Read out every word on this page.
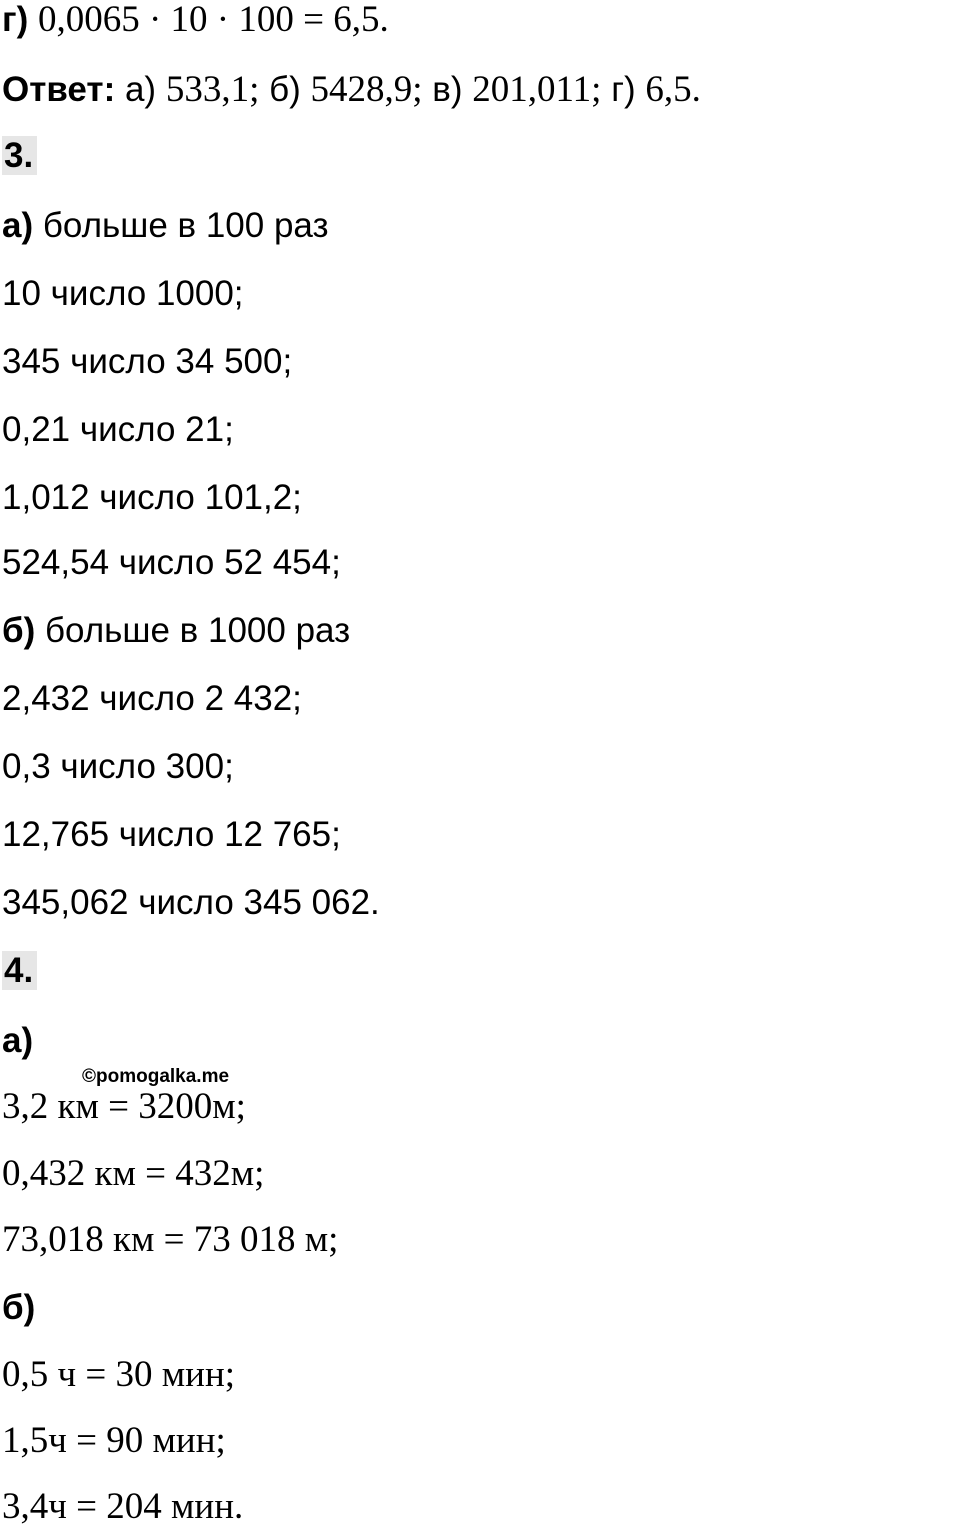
г) 0,0065 · 10 · 100 = 6,5.
Ответ: а) 533,1; б) 5428,9; в) 201,011; г) 6,5.
3.
а) больше в 100 раз
10 число 1000;
345 число 34 500;
0,21 число 21;
1,012 число 101,2;
524,54 число 52 454;
б) больше в 1000 раз
2,432 число 2 432;
0,3 число 300;
12,765 число 12 765;
345,062 число 345 062.
4.
а)
©pomogalka.me
3,2 км = 3200м;
0,432 км = 432м;
73,018 км = 73 018 м;
б)
0,5 ч = 30 мин;
1,5ч = 90 мин;
3,4ч = 204 мин.
